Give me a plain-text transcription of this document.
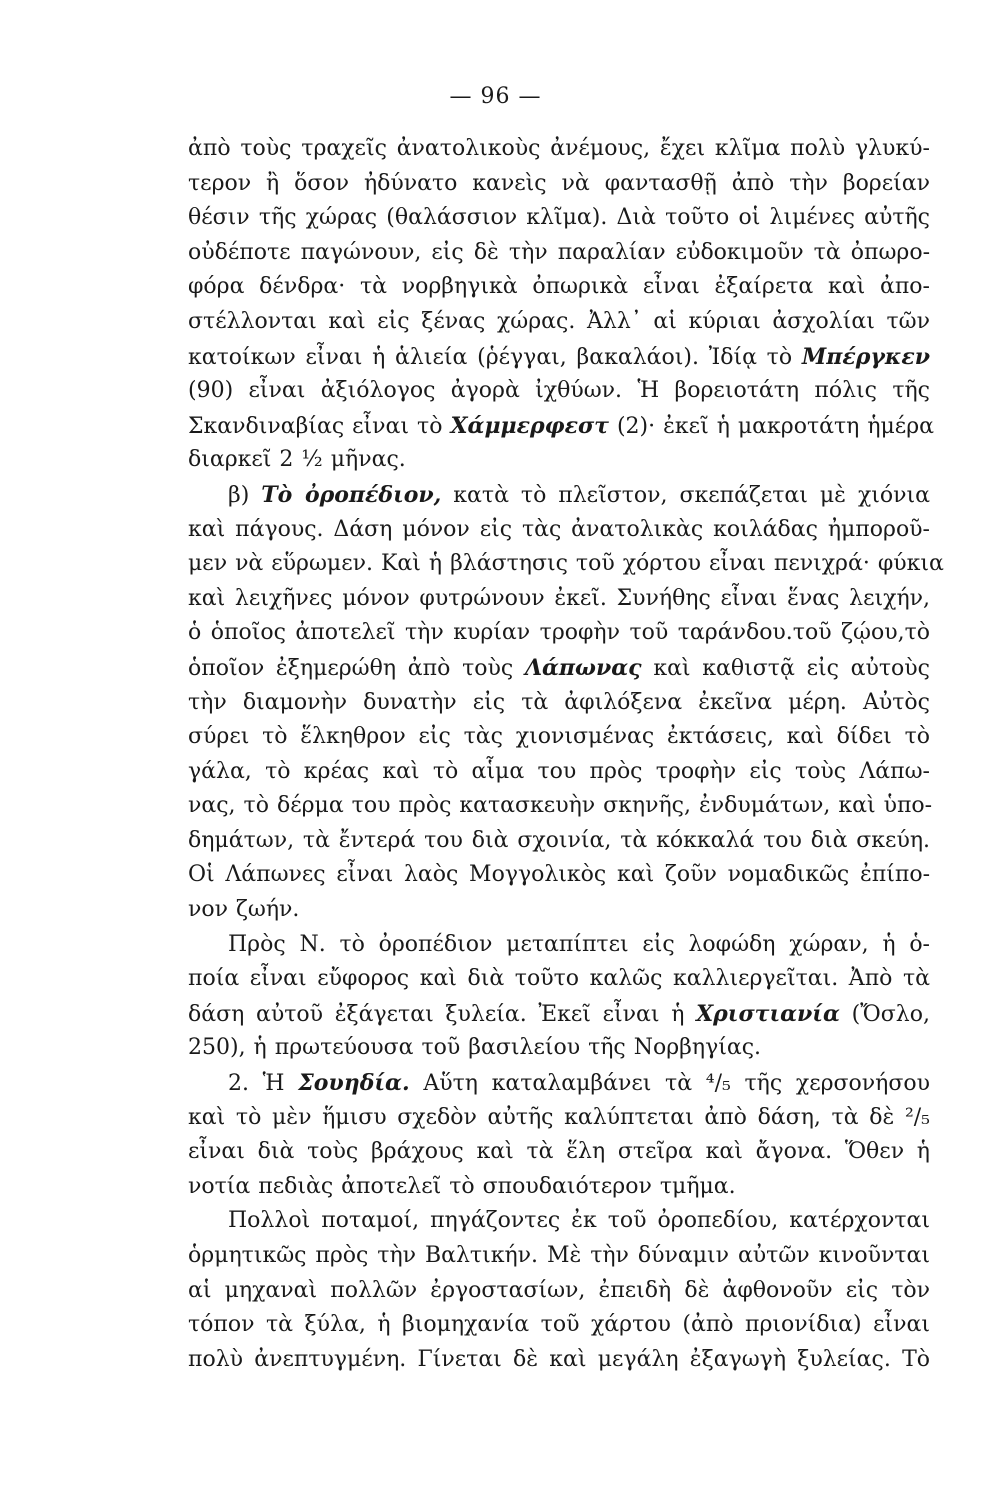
— 96 —
ἀπὸ τοὺς τραχεῖς ἀνατολικοὺς ἀνέμους, ἔχει κλῖμα πολὺ γλυκύ-
τερον ἢ ὅσον ἠδύνατο κανεὶς νὰ φαντασθῇ ἀπὸ τὴν βορείαν
θέσιν τῆς χώρας (θαλάσσιον κλῖμα). Διὰ τοῦτο οἱ λιμένες αὐτῆς
οὐδέποτε παγώνουν, εἰς δὲ τὴν παραλίαν εὐδοκιμοῦν τὰ ὀπωρο-
φόρα δένδρα· τὰ νορβηγικὰ ὀπωρικὰ εἶναι ἐξαίρετα καὶ ἀπο-
στέλλονται καὶ εἰς ξένας χώρας. Ἀλλ᾽ αἱ κύριαι ἀσχολίαι τῶν
κατοίκων εἶναι ἡ ἁλιεία (ῥέγγαι, βακαλάοι). Ἰδίᾳ τὸ Μπέργκεν
(90) εἶναι ἀξιόλογος ἀγορὰ ἰχθύων. Ἡ βορειοτάτη πόλις τῆς
Σκανδιναβίας εἶναι τὸ Χάμμερφεστ (2)· ἐκεῖ ἡ μακροτάτη ἡμέρα
διαρκεῖ 2 ½ μῆνας.
β) Τὸ ὀροπέδιον, κατὰ τὸ πλεῖστον, σκεπάζεται μὲ χιόνια
καὶ πάγους. Δάση μόνον εἰς τὰς ἀνατολικὰς κοιλάδας ἠμποροῦ-
μεν νὰ εὕρωμεν. Καὶ ἡ βλάστησις τοῦ χόρτου εἶναι πενιχρά· φύκια
καὶ λειχῆνες μόνον φυτρώνουν ἐκεῖ. Συνήθης εἶναι ἕνας λειχήν,
ὁ ὁποῖος ἀποτελεῖ τὴν κυρίαν τροφὴν τοῦ ταράνδου.τοῦ ζῴου,τὸ
ὁποῖον ἐξημερώθη ἀπὸ τοὺς Λάπωνας καὶ καθιστᾷ εἰς αὐτοὺς
τὴν διαμονὴν δυνατὴν εἰς τὰ ἀφιλόξενα ἐκεῖνα μέρη. Αὐτὸς
σύρει τὸ ἕλκηθρον εἰς τὰς χιονισμένας ἐκτάσεις, καὶ δίδει τὸ
γάλα, τὸ κρέας καὶ τὸ αἷμα του πρὸς τροφὴν εἰς τοὺς Λάπω-
νας, τὸ δέρμα του πρὸς κατασκευὴν σκηνῆς, ἐνδυμάτων, καὶ ὑπο-
δημάτων, τὰ ἔντερά του διὰ σχοινία, τὰ κόκκαλά του διὰ σκεύη.
Οἱ Λάπωνες εἶναι λαὸς Μογγολικὸς καὶ ζοῦν νομαδικῶς ἐπίπο-
νον ζωήν.
Πρὸς Ν. τὸ ὀροπέδιον μεταπίπτει εἰς λοφώδη χώραν, ἡ ὁ-
ποία εἶναι εὔφορος καὶ διὰ τοῦτο καλῶς καλλιεργεῖται. Ἀπὸ τὰ
δάση αὐτοῦ ἐξάγεται ξυλεία. Ἐκεῖ εἶναι ἡ Χριστιανία (Ὄσλο,
250), ἡ πρωτεύουσα τοῦ βασιλείου τῆς Νορβηγίας.
2. Ἡ Σουηδία. Αὕτη καταλαμβάνει τὰ ⁴/₅ τῆς χερσονήσου
καὶ τὸ μὲν ἥμισυ σχεδὸν αὐτῆς καλύπτεται ἀπὸ δάση, τὰ δὲ ²/₅
εἶναι διὰ τοὺς βράχους καὶ τὰ ἕλη στεῖρα καὶ ἄγονα. Ὅθεν ἡ
νοτία πεδιὰς ἀποτελεῖ τὸ σπουδαιότερον τμῆμα.
Πολλοὶ ποταμοί, πηγάζοντες ἐκ τοῦ ὀροπεδίου, κατέρχονται
ὁρμητικῶς πρὸς τὴν Βαλτικήν. Μὲ τὴν δύναμιν αὐτῶν κινοῦνται
αἱ μηχαναὶ πολλῶν ἐργοστασίων, ἐπειδὴ δὲ ἀφθονοῦν εἰς τὸν
τόπον τὰ ξύλα, ἡ βιομηχανία τοῦ χάρτου (ἀπὸ πριονίδια) εἶναι
πολὺ ἀνεπτυγμένη. Γίνεται δὲ καὶ μεγάλη ἐξαγωγὴ ξυλείας. Τὸ
